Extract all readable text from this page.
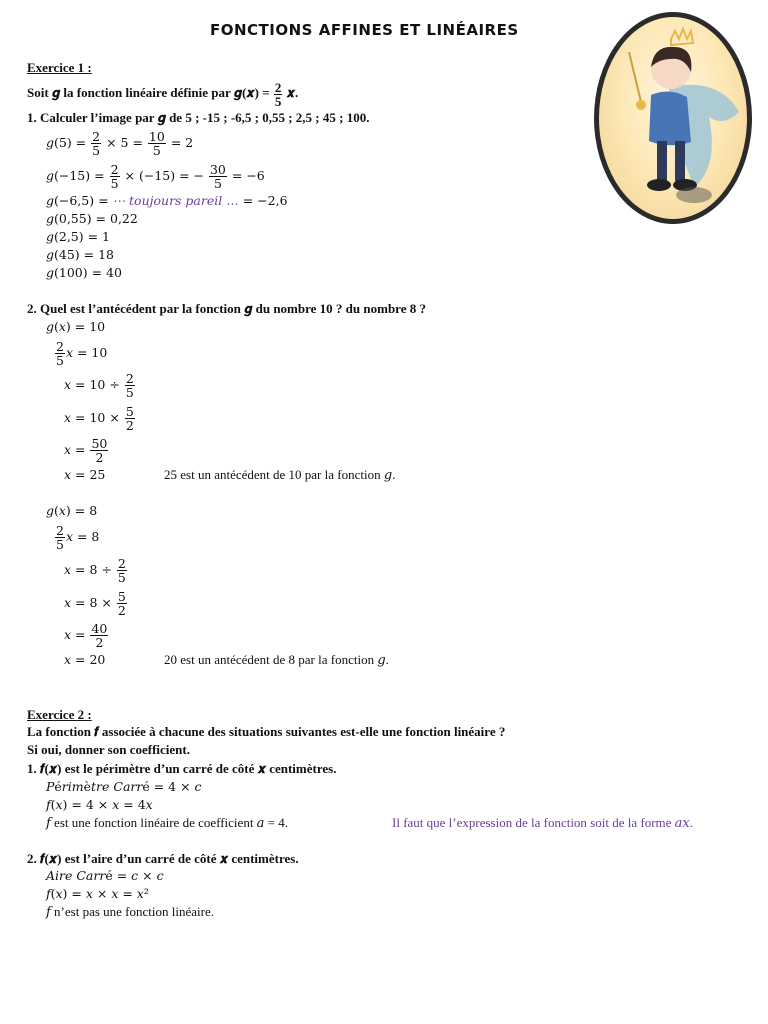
FONCTIONS AFFINES ET LINÉAIRES
Exercice 1 :
Soit 𝒈 la fonction linéaire définie par 𝒈(𝒙) = $\frac{2}{5}$ 𝒙.
1. Calculer l’image par 𝒈 de 5 ; -15 ; -6,5 ; 0,55 ; 2,5 ; 45 ; 100.
𝑔(5) = $\frac{2}{5} \times 5 = \frac{10}{5} = 2$
𝑔(−15) = $\frac{2}{5} \times (-15)$ = − $\frac{30}{5} = -6$
𝑔(−6,5) = ⋯ toujours pareil … = −2,6
𝑔(0,55) = 0,22
𝑔(2,5) = 1
𝑔(45) = 18
𝑔(100) = 40
2. Quel est l’antécédent par la fonction 𝒈 du nombre 10 ? du nombre 8 ?
𝑔(𝑥) = 10
$\frac{2}{5}$ 𝑥 = 10
𝑥 = $10 \div \frac{2}{5}$
𝑥 = $10 \times \frac{5}{2}$
𝑥 = $\frac{50}{2}$
𝑥 = 25	25 est un antécédent de 10 par la fonction 𝑔.
𝑔(𝑥) = 8
$\frac{2}{5}$ 𝑥 = 8
𝑥 = $8 \div \frac{2}{5}$
𝑥 = $8 \times \frac{5}{2}$
𝑥 = $\frac{40}{2}$
𝑥 = 20	20 est un antécédent de 8 par la fonction 𝑔.
Exercice 2 :
La fonction 𝒇 associée à chacune des situations suivantes est-elle une fonction linéaire ?
Si oui, donner son coefficient.
1. 𝒇(𝒙) est le périmètre d’un carré de côté 𝒙 centimètres.
𝑃é𝑟𝑖𝑚è𝑡𝑟𝑒 𝐶𝑎𝑟𝑟é = 4 × 𝑐
𝑓(𝑥) = 4 × 𝑥 = 4𝑥
𝑓 est une fonction linéaire de coefficient 𝑎 = 4.	Il faut que l’expression de la fonction soit de la forme 𝑎𝑥.
2. 𝒇(𝒙) est l’aire d’un carré de côté 𝒙 centimètres.
𝐴𝑖𝑟𝑒 𝐶𝑎𝑟𝑟é = 𝑐 × 𝑐
𝑓(𝑥) = 𝑥 × 𝑥 = 𝑥²
𝑓 n’est pas une fonction linéaire.
